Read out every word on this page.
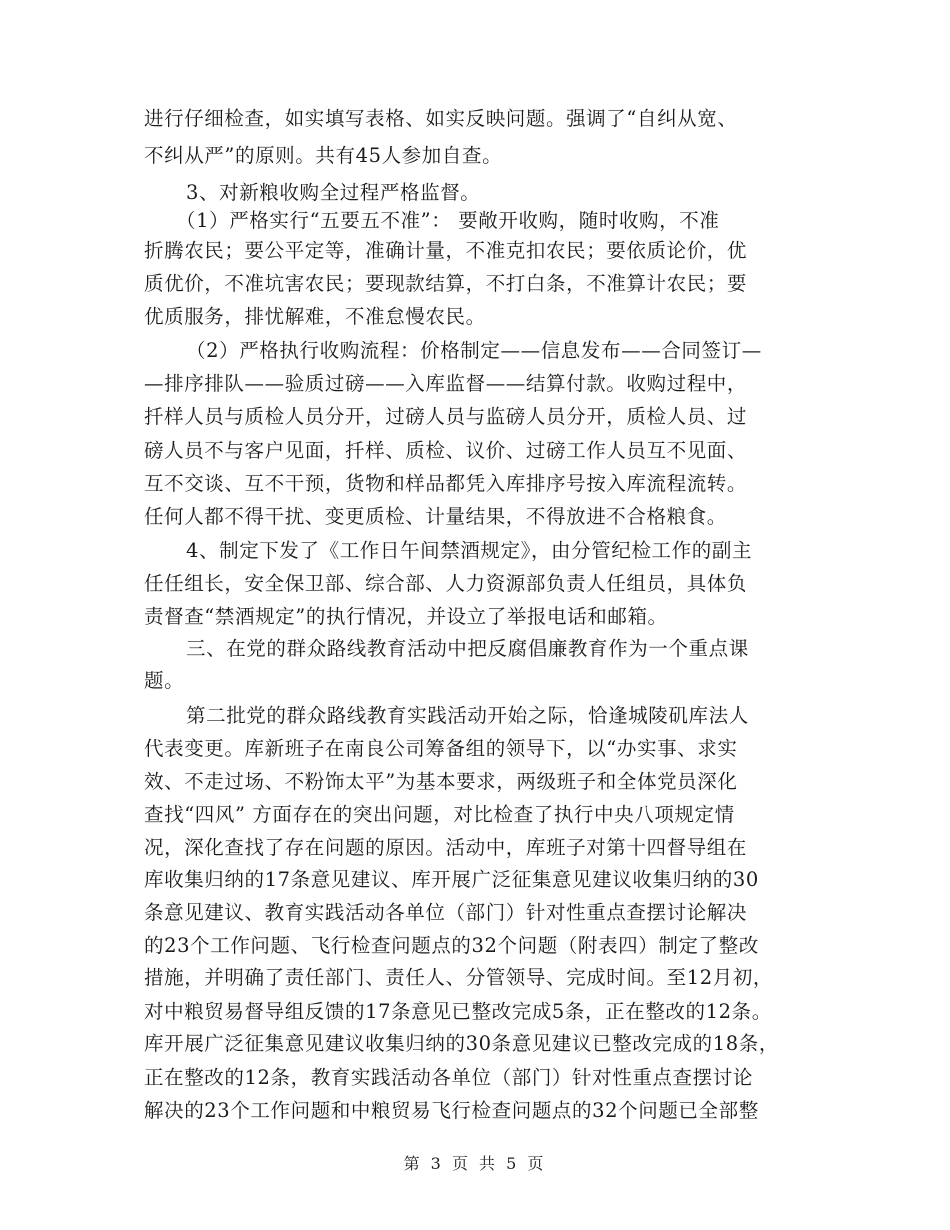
进行仔细检查，如实填写表格、如实反映问题。强调了“自纠从宽、
不纠从严”的原则。共有45人参加自查。
3、对新粮收购全过程严格监督。
（1）严格实行“五要五不准”： 要敞开收购，随时收购，不准
折腾农民；要公平定等，准确计量，不准克扣农民；要依质论价，优
质优价，不准坑害农民；要现款结算，不打白条，不准算计农民；要
优质服务，排忧解难，不准怠慢农民。
（2）严格执行收购流程：价格制定——信息发布——合同签订—
—排序排队——验质过磅——入库监督——结算付款。收购过程中，
扦样人员与质检人员分开，过磅人员与监磅人员分开，质检人员、过
磅人员不与客户见面，扦样、质检、议价、过磅工作人员互不见面、
互不交谈、互不干预，货物和样品都凭入库排序号按入库流程流转。
任何人都不得干扰、变更质检、计量结果，不得放进不合格粮食。
4、制定下发了《工作日午间禁酒规定》，由分管纪检工作的副主
任任组长，安全保卫部、综合部、人力资源部负责人任组员，具体负
责督查“禁酒规定”的执行情况，并设立了举报电话和邮箱。
三、在党的群众路线教育活动中把反腐倡廉教育作为一个重点课
题。
第二批党的群众路线教育实践活动开始之际，恰逢城陵矶库法人
代表变更。库新班子在南良公司筹备组的领导下，以“办实事、求实
效、不走过场、不粉饰太平”为基本要求，两级班子和全体党员深化
查找“四风” 方面存在的突出问题，对比检查了执行中央八项规定情
况，深化查找了存在问题的原因。活动中，库班子对第十四督导组在
库收集归纳的17条意见建议、库开展广泛征集意见建议收集归纳的30
条意见建议、教育实践活动各单位（部门）针对性重点查摆讨论解决
的23个工作问题、飞行检查问题点的32个问题（附表四）制定了整改
措施，并明确了责任部门、责任人、分管领导、完成时间。至12月初，
对中粮贸易督导组反馈的17条意见已整改完成5条，正在整改的12条。
库开展广泛征集意见建议收集归纳的30条意见建议已整改完成的18条，
正在整改的12条，教育实践活动各单位（部门）针对性重点查摆讨论
解决的23个工作问题和中粮贸易飞行检查问题点的32个问题已全部整
第 3 页 共 5 页
